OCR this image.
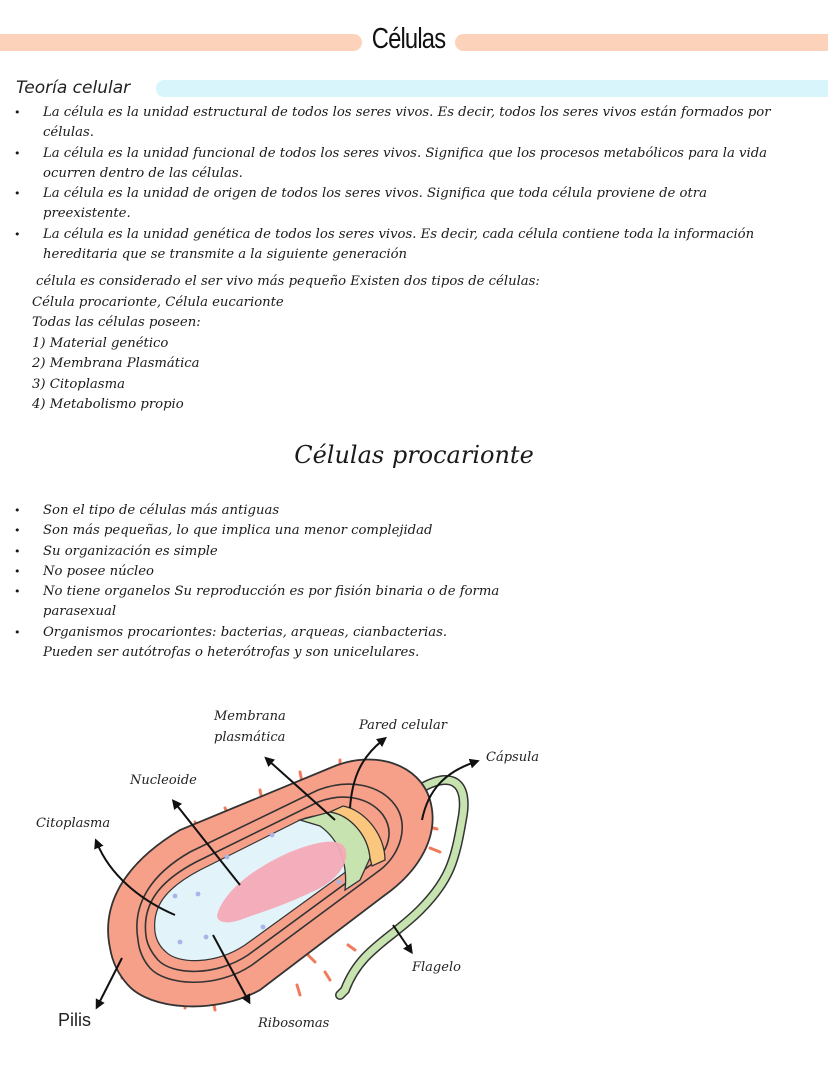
Células
Teoría celular
• La célula es la unidad estructural de todos los seres vivos. Es decir, todos los seres vivos están formados por células.
• La célula es la unidad funcional de todos los seres vivos. Significa que los procesos metabólicos para la vida ocurren dentro de las células.
• La célula es la unidad de origen de todos los seres vivos. Significa que toda célula proviene de otra preexistente.
• La célula es la unidad genética de todos los seres vivos. Es decir, cada célula contiene toda la información hereditaria que se transmite a la siguiente generación
célula es considerado el ser vivo más pequeño Existen dos tipos de células:
Célula procarionte, Célula eucarionte
Todas las células poseen:
1) Material genético
2) Membrana Plasmática
3) Citoplasma
4) Metabolismo propio
Células procarionte
• Son el tipo de células más antiguas
• Son más pequeñas, lo que implica una menor complejidad
• Su organización es simple
• No posee núcleo
• No tiene organelos Su reproducción es por fisión binaria o de forma parasexual
• Organismos procariontes: bacterias, arqueas, cianbacterias. Pueden ser autótrofas o heterótrofas y son unicelulares.
Membrana
plasmática
Pared celular
Cápsula
Nucleoide
Citoplasma
Flagelo
Pilis	Ribosomas
